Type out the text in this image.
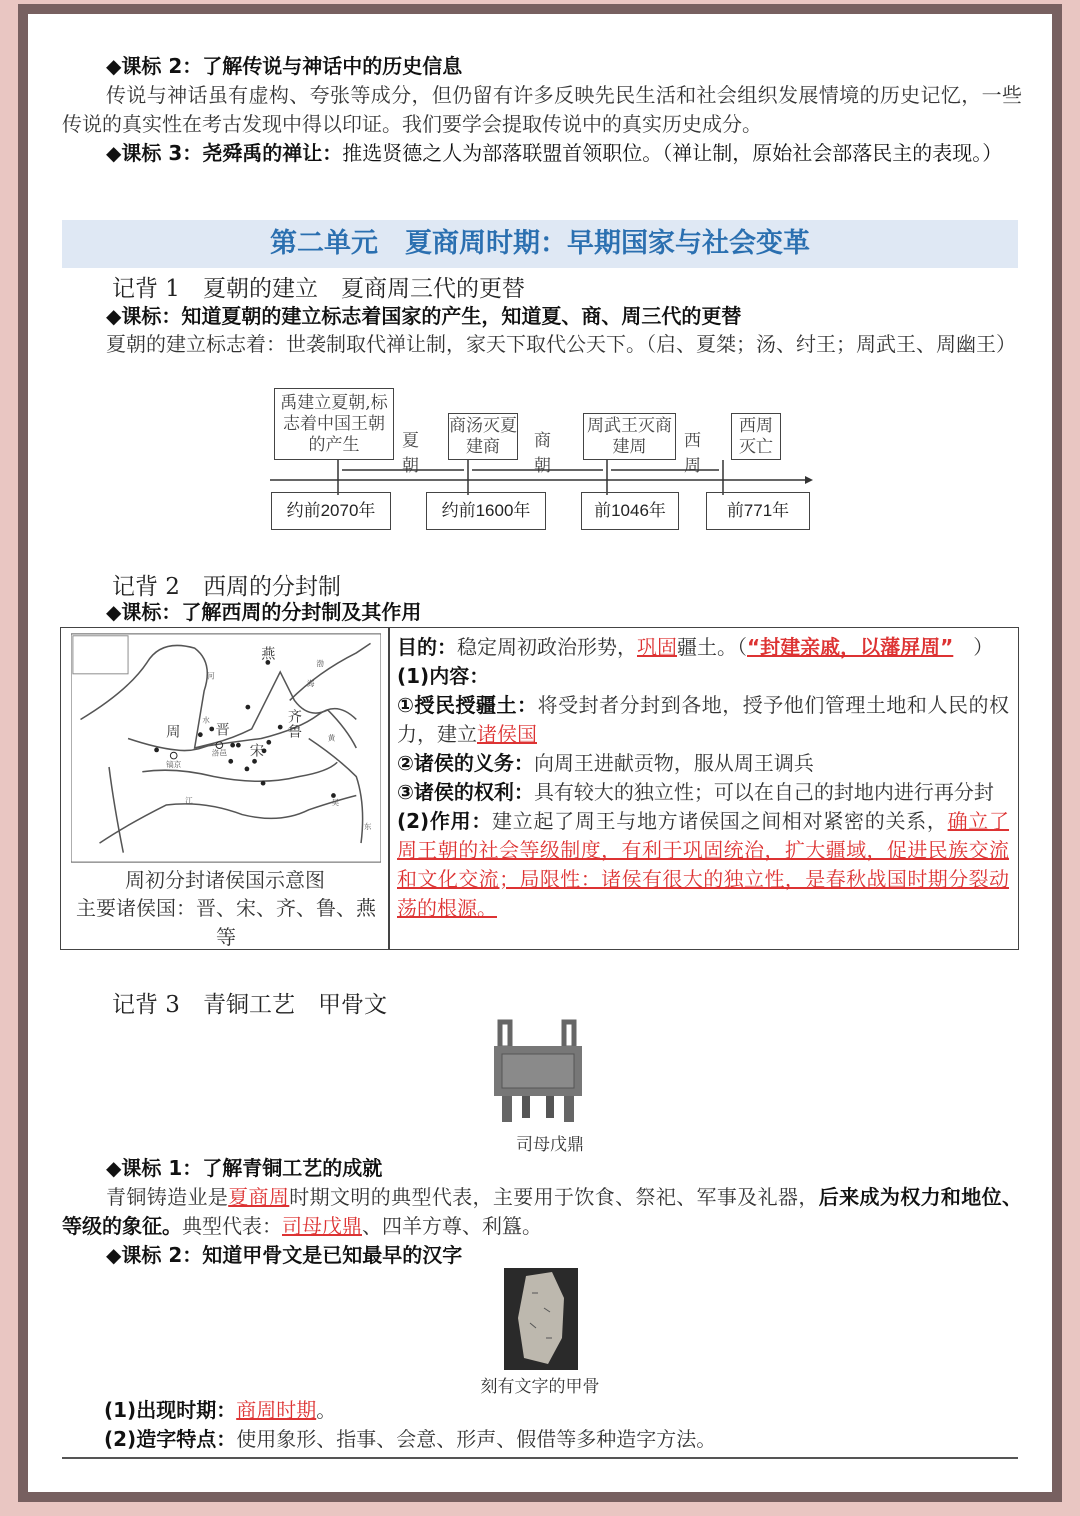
◆课标 2：了解传说与神话中的历史信息
传说与神话虽有虚构、夸张等成分，但仍留有许多反映先民生活和社会组织发展情境的历史记忆，一些传说的真实性在考古发现中得以印证。我们要学会提取传说中的真实历史成分。
◆课标 3：尧舜禹的禅让：推选贤德之人为部落联盟首领职位。（禅让制，原始社会部落民主的表现。）
第二单元　夏商周时期：早期国家与社会变革
记背 1　夏朝的建立　夏商周三代的更替
◆课标：知道夏朝的建立标志着国家的产生，知道夏、商、周三代的更替
夏朝的建立标志着：世袭制取代禅让制，家天下取代公天下。（启、夏桀；汤、纣王；周武王、周幽王）
禹建立夏朝,标志着中国王朝的产生
商汤灭夏建商
周武王灭商建周
西周灭亡
夏朝
商朝
西周
约前2070年	约前1600年	前1046年	前771年
记背 2　西周的分封制
◆课标：了解西周的分封制及其作用
燕
周 晋
齐
鲁
宋
镐京
洛邑
河
水
江
渤
海
黄
东
吴
周初分封诸侯国示意图
主要诸侯国：晋、宋、齐、鲁、燕等
目的：稳定周初政治形势，巩固疆土。（“封建亲戚，以藩屏周”　）
(1)内容：
①授民授疆土：将受封者分封到各地，授予他们管理土地和人民的权力，建立诸侯国
②诸侯的义务：向周王进献贡物，服从周王调兵
③诸侯的权利：具有较大的独立性；可以在自己的封地内进行再分封
(2)作用：建立起了周王与地方诸侯国之间相对紧密的关系，确立了周王朝的社会等级制度，有利于巩固统治，扩大疆域，促进民族交流和文化交流；局限性：诸侯有很大的独立性，是春秋战国时期分裂动荡的根源。
记背 3　青铜工艺　甲骨文
司母戊鼎
◆课标 1：了解青铜工艺的成就
青铜铸造业是夏商周时期文明的典型代表，主要用于饮食、祭祀、军事及礼器，后来成为权力和地位、等级的象征。典型代表：司母戊鼎、四羊方尊、利簋。
◆课标 2：知道甲骨文是已知最早的汉字
刻有文字的甲骨
(1)出现时期：商周时期。
(2)造字特点：使用象形、指事、会意、形声、假借等多种造字方法。
